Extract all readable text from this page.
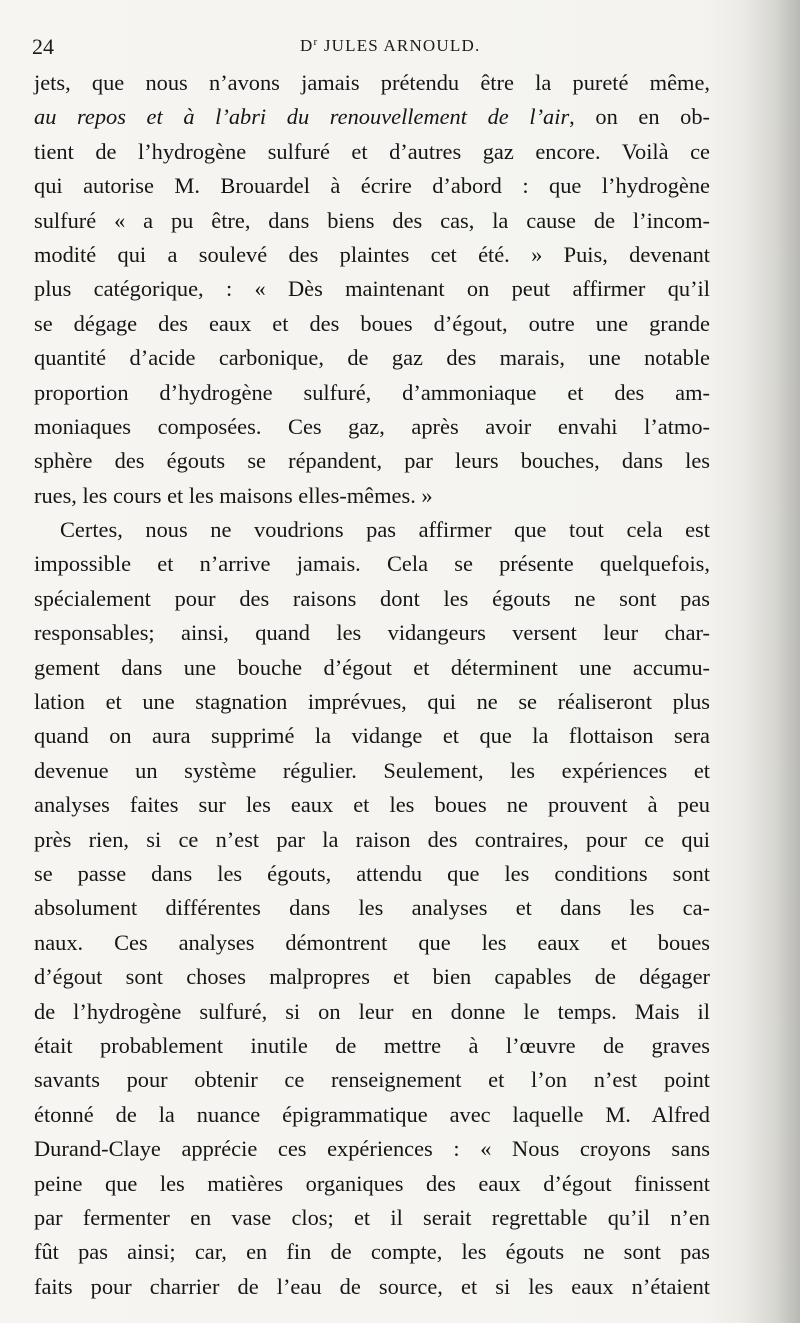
24	$D^r$ JULES ARNOULD.
jets, que nous n’avons jamais prétendu être la pureté même,
au repos et à l’abri du renouvellement de l’air, on en ob-
tient de l’hydrogène sulfuré et d’autres gaz encore. Voilà ce
qui autorise M. Brouardel à écrire d’abord : que l’hydrogène
sulfuré « a pu être, dans biens des cas, la cause de l’incom-
modité qui a soulevé des plaintes cet été. » Puis, devenant
plus catégorique, : « Dès maintenant on peut affirmer qu’il
se dégage des eaux et des boues d’égout, outre une grande
quantité d’acide carbonique, de gaz des marais, une notable
proportion d’hydrogène sulfuré, d’ammoniaque et des am-
moniaques composées. Ces gaz, après avoir envahi l’atmo-
sphère des égouts se répandent, par leurs bouches, dans les
rues, les cours et les maisons elles-mêmes. »
Certes, nous ne voudrions pas affirmer que tout cela est
impossible et n’arrive jamais. Cela se présente quelquefois,
spécialement pour des raisons dont les égouts ne sont pas
responsables; ainsi, quand les vidangeurs versent leur char-
gement dans une bouche d’égout et déterminent une accumu-
lation et une stagnation imprévues, qui ne se réaliseront plus
quand on aura supprimé la vidange et que la flottaison sera
devenue un système régulier. Seulement, les expériences et
analyses faites sur les eaux et les boues ne prouvent à peu
près rien, si ce n’est par la raison des contraires, pour ce qui
se passe dans les égouts, attendu que les conditions sont
absolument différentes dans les analyses et dans les ca-
naux. Ces analyses démontrent que les eaux et boues
d’égout sont choses malpropres et bien capables de dégager
de l’hydrogène sulfuré, si on leur en donne le temps. Mais il
était probablement inutile de mettre à l’œuvre de graves
savants pour obtenir ce renseignement et l’on n’est point
étonné de la nuance épigrammatique avec laquelle M. Alfred
Durand-Claye apprécie ces expériences : « Nous croyons sans
peine que les matières organiques des eaux d’égout finissent
par fermenter en vase clos; et il serait regrettable qu’il n’en
fût pas ainsi; car, en fin de compte, les égouts ne sont pas
faits pour charrier de l’eau de source, et si les eaux n’étaient
